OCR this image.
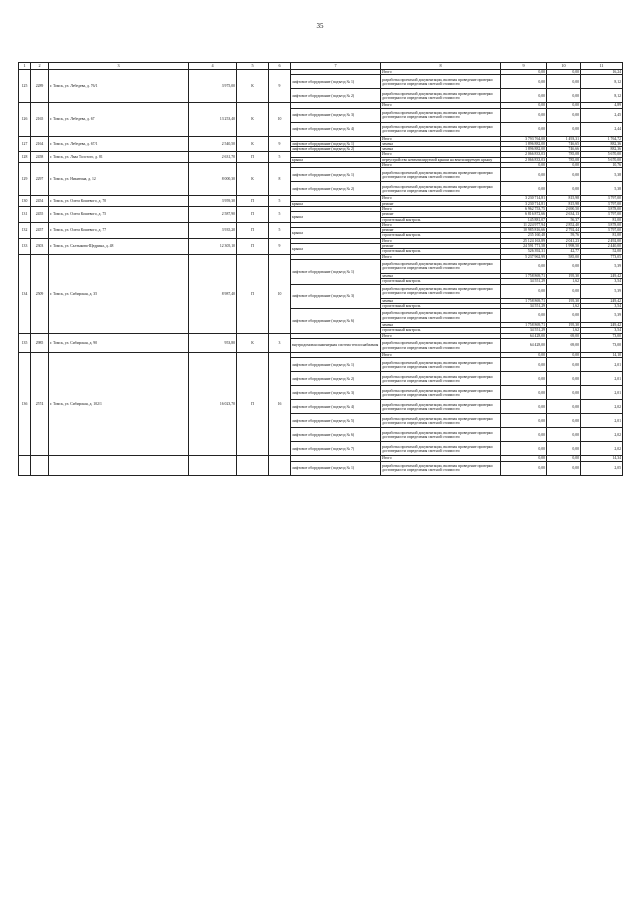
35
1	2	3	4	5	6	7	8	9	10	11
125	2289	г. Томск, ул. Лебедева, д. 76/1	3 975,00	К	9		Итого	0,00	0,00	16,24
						лифтовое оборудование (подъезд № 1)	разработка проектной документации, включая проведение проверки достоверности определения сметной стоимости	0,00	0,00	8,12
						лифтовое оборудование (подъезд № 2)	разработка проектной документации, включая проведение проверки достоверности определения сметной стоимости	0,00	0,00	8,12
126	2165	г. Томск, ул. Лебедева, д. 67	13 253,40	К	10		Итого	0,00	0,00	4,89
						лифтовое оборудование (подъезд № 3)	разработка проектной документации, включая проведение проверки достоверности определения сметной стоимости	0,00	0,00	2,45
						лифтовое оборудование (подъезд № 4)	разработка проектной документации, включая проведение проверки достоверности определения сметной стоимости	0,00	0,00	2,44
127	2164	г. Томск, ул. Лебедева, д. 67/1	2 540,50	К	9		Итого	3 793 764,00	1 493,31	1 764,72
						лифтовое оборудование (подъезд № 1)	замена	1 896 882,00	746,65	882,36
						лифтовое оборудование (подъезд № 2)	замена	1 896 882,00	746,66	882,36
128	2458	г. Томск, ул. Льва Толстого, д. 81	2 631,70	П	5		Итого	2 066 833,03	785,08	5 670,00
						крыша	переустройство невентилируемой крыши на вентилируемую крышу	2 066 833,03	785,08	5 670,00
129	2297	г. Томск, ул. Никитина, д. 12	8 000,30	К	8		Итого	0,00	0,00	10,76
						лифтовое оборудование (подъезд № 1)	разработка проектной документации, включая проведение проверки достоверности определения сметной стоимости	0,00	0,00	5,38
						лифтовое оборудование (подъезд № 2)	разработка проектной документации, включая проведение проверки достоверности определения сметной стоимости	0,00	0,00	5,38
130	2454	г. Томск, ул. Олега Кошевого, д. 70	3 959,30	П	5		Итого	3 230 714,81	815,98	3 797,00
						крыша	ремонт	3 230 714,81	815,98	3 797,00
131	2455	г. Томск, ул. Олега Кошевого, д. 75	2 587,90	П	5		Итого	6 962 753,75	2 690,50	3 878,00
						крыша	ремонт	6 816 872,66	2 634,13	3 797,00
							строительный контроль	145 881,07	56,37	81,00
132	2457	г. Томск, ул. Олега Кошевого, д. 77	3 935,20	П	5		Итого	11 224 977,94	2 852,40	3 878,00
						крыша	ремонт	10 985 816,66	2 792,44	3 797,00
							строительный контроль	235 160,48	59,76	81,00
133	2303	г. Томск, ул. Салтыкова-Щедрина, д. 48	12 305,10	П	9		Итого	25 124 163,89	2 041,23	2 492,00
						крыша	ремонт	24 591 771,58	1 998,50	2 440,00
							строительный контроль	526 392,31	42,77	52,00
134	2509	г. Томск, ул. Сибирская, д. 35	8 987,40	П	10		Итого	5 237 962,99	585,00	773,05
						лифтовое оборудование (подъезд № 1)	разработка проектной документации, включая проведение проверки достоверности определения сметной стоимости	0,00	0,00	5,39
							замена	1 758 869,71	195,30	249,42
							строительный контроль	34 551,29	1,62	3,54
						лифтовое оборудование (подъезд № 3)	разработка проектной документации, включая проведение проверки достоверности определения сметной стоимости	0,00	0,00	5,39
							замена	1 758 869,71	195,30	249,42
							строительный контроль	34 551,29	1,62	3,54
						лифтовое оборудование (подъезд № 6)	разработка проектной документации, включая проведение проверки достоверности определения сметной стоимости	0,00	0,00	5,39
							замена	1 758 869,71	195,30	249,42
							строительный контроль	34 551,29	1,62	3,54
135	2985	г. Томск, ул. Сибирская, д. 90	953,80	К	3		Итого	64 428,00	69,00	73,00
						внутридомовая инженерная система теплоснабжения	разработка проектной документации, включая проведение проверки достоверности определения сметной стоимости	64 428,00	69,00	73,00
136	2574	г. Томск, ул. Сибирская, д. 102/1	16 023,70	П	16		Итого	0,00	0,00	14,10
						лифтовое оборудование (подъезд № 1)	разработка проектной документации, включая проведение проверки достоверности определения сметной стоимости	0,00	0,00	2,01
						лифтовое оборудование (подъезд № 2)	разработка проектной документации, включая проведение проверки достоверности определения сметной стоимости	0,00	0,00	2,01
						лифтовое оборудование (подъезд № 3)	разработка проектной документации, включая проведение проверки достоверности определения сметной стоимости	0,00	0,00	2,01
						лифтовое оборудование (подъезд № 4)	разработка проектной документации, включая проведение проверки достоверности определения сметной стоимости	0,00	0,00	2,02
						лифтовое оборудование (подъезд № 5)	разработка проектной документации, включая проведение проверки достоверности определения сметной стоимости	0,00	0,00	2,01
						лифтовое оборудование (подъезд № 6)	разработка проектной документации, включая проведение проверки достоверности определения сметной стоимости	0,00	0,00	2,02
						лифтовое оборудование (подъезд № 7)	разработка проектной документации, включая проведение проверки достоверности определения сметной стоимости	0,00	0,00	2,02
							Итого	0,00	0,00	14,34
						лифтовое оборудование (подъезд № 1)	разработка проектной документации, включая проведение проверки достоверности определения сметной стоимости	0,00	0,00	2,05
